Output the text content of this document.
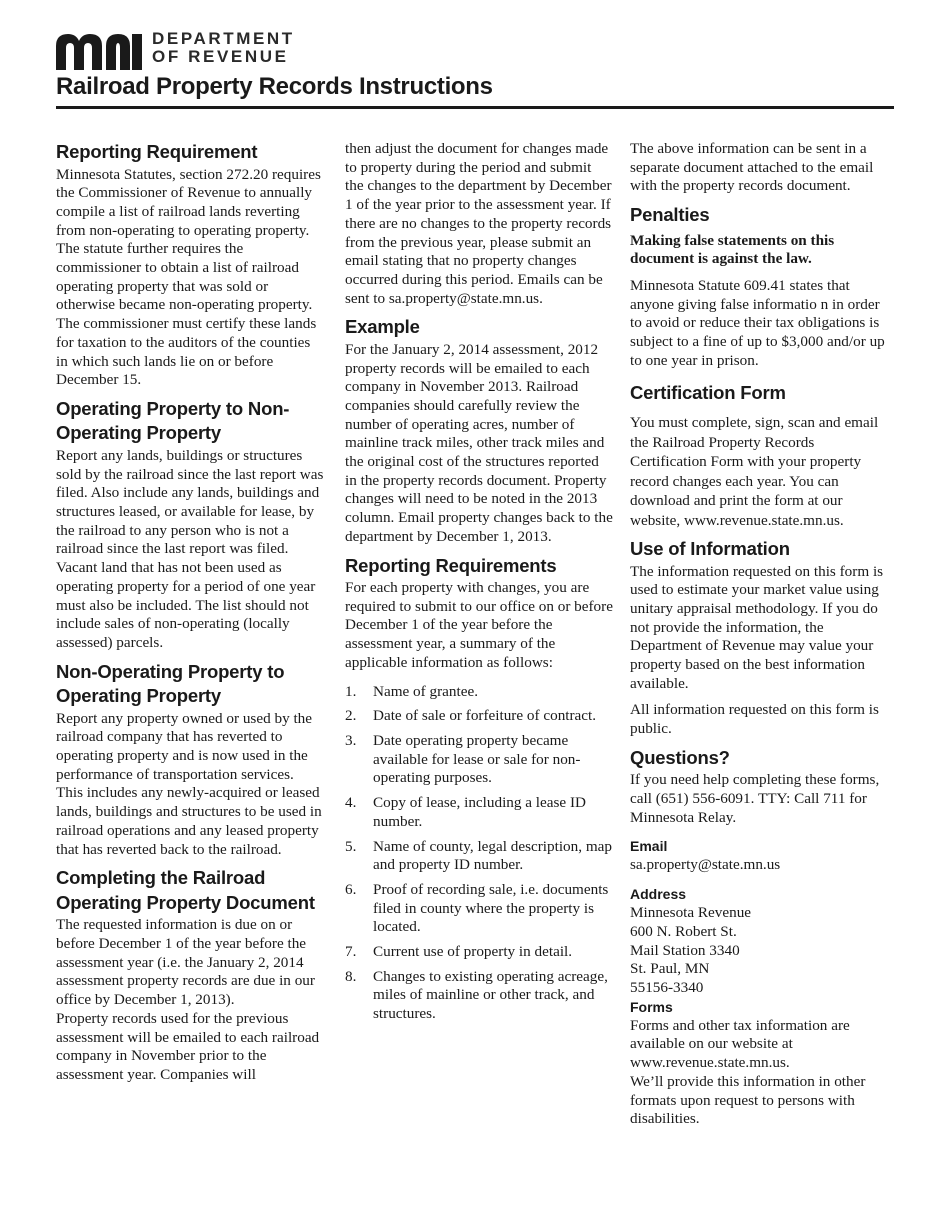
DEPARTMENT
OF REVENUE
Railroad Property Records Instructions
Reporting Requirement

Minnesota Statutes, section 272.20 requires the Commissioner of Revenue to annually compile a list of railroad lands reverting from non-operating to operating property. The statute further requires the commissioner to obtain a list of railroad operating property that was sold or otherwise became non-operating property. The commissioner must certify these lands for taxation to the auditors of the counties in which such lands lie on or before December 15.

Operating Property to Non-Operating Property

Report any lands, buildings or structures sold by the railroad since the last report was filed. Also include any lands, buildings and structures leased, or available for lease, by the railroad to any person who is not a railroad since the last report was filed. Vacant land that has not been used as operating property for a period of one year must also be included. The list should not include sales of non-operating (locally assessed) parcels.

Non-Operating Property to Operating Property

Report any property owned or used by the railroad company that has reverted to operating property and is now used in the performance of transportation services. This includes any newly-acquired or leased lands, buildings and structures to be used in railroad operations and any leased property that has reverted back to the railroad.

Completing the Railroad Operating Property Document

The requested information is due on or before December 1 of the year before the assessment year (i.e. the January 2, 2014 assessment property records are due in our office by December 1, 2013).

Property records used for the previous assessment will be emailed to each railroad company in November prior to the assessment year. Companies will

then adjust the document for changes made to property during the period and submit the changes to the department by December 1 of the year prior to the assessment year. If there are no changes to the property records from the previous year, please submit an email stating that no property changes occurred during this period. Emails can be sent to sa.property@state.mn.us.

Example

For the January 2, 2014 assessment, 2012 property records will be emailed to each company in November 2013. Railroad companies should carefully review the number of operating acres, number of mainline track miles, other track miles and the original cost of the structures reported in the property records document. Property changes will need to be noted in the 2013 column. Email property changes back to the department by December 1, 2013.

Reporting Requirements

For each property with changes, you are required to submit to our office on or before December 1 of the year before the assessment year, a summary of the applicable information as follows:

1. Name of grantee.
2. Date of sale or forfeiture of contract.
3. Date operating property became available for lease or sale for non-operating purposes.
4. Copy of lease, including a lease ID number.
5. Name of county, legal description, map and property ID number.
6. Proof of recording sale, i.e. documents filed in county where the property is located.
7. Current use of property in detail.
8. Changes to existing operating acreage, miles of mainline or other track, and structures.

The above information can be sent in a separate document attached to the email with the property records document.

Penalties

Making false statements on this document is against the law.

Minnesota Statute 609.41 states that anyone giving false informatio n in order to avoid or reduce their tax obligations is subject to a fine of up to $3,000 and/or up to one year in prison.

Certification Form

You must complete, sign, scan and email the Railroad Property Records Certification Form with your property record changes each year. You can download and print the form at our website, www.revenue.state.mn.us.

Use of Information

The information requested on this form is used to estimate your market value using unitary appraisal methodology. If you do not provide the information, the Department of Revenue may value your property based on the best information available.

All information requested on this form is public.

Questions?

If you need help completing these forms, call (651) 556-6091. TTY: Call 711 for Minnesota Relay.

Email

sa.property@state.mn.us

Address

Minnesota Revenue

600 N. Robert St.

Mail Station 3340

St. Paul, MN

55156-3340

Forms

Forms and other tax information are available on our website at www.revenue.state.mn.us.

We’ll provide this information in other formats upon request to persons with disabilities.
